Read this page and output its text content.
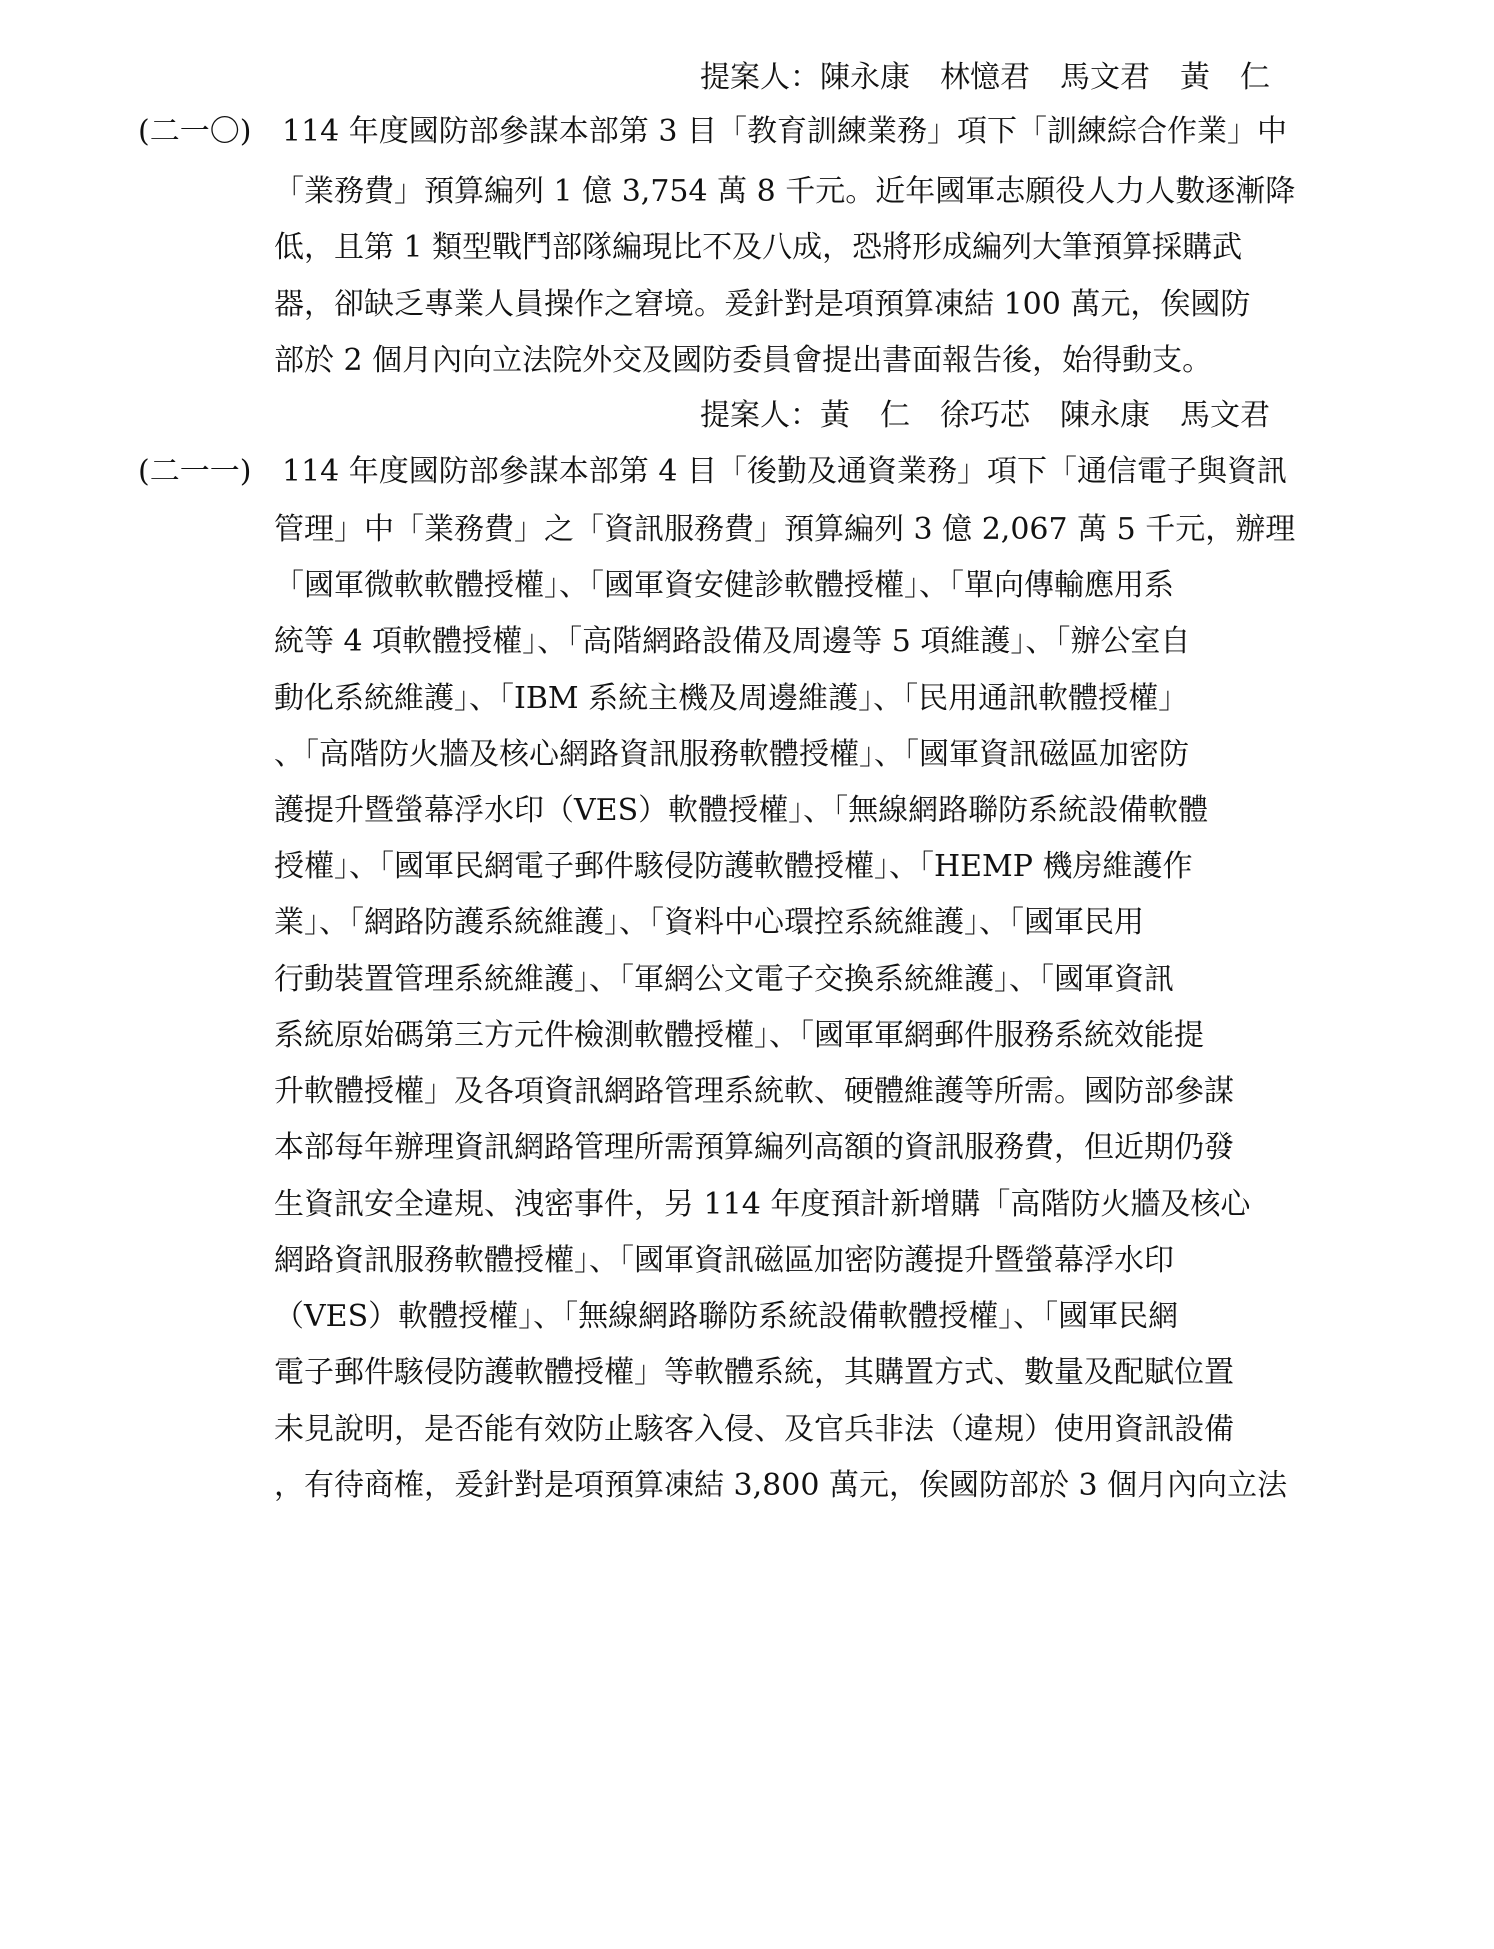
提案人：陳永康　林憶君　馬文君　黃　仁
(二一〇) 114 年度國防部參謀本部第 3 目「教育訓練業務」項下「訓練綜合作業」中
「業務費」預算編列 1 億 3,754 萬 8 千元。近年國軍志願役人力人數逐漸降
低，且第 1 類型戰鬥部隊編現比不及八成，恐將形成編列大筆預算採購武
器，卻缺乏專業人員操作之窘境。爰針對是項預算凍結 100 萬元，俟國防
部於 2 個月內向立法院外交及國防委員會提出書面報告後，始得動支。
提案人：黃　仁　徐巧芯　陳永康　馬文君
(二一一) 114 年度國防部參謀本部第 4 目「後勤及通資業務」項下「通信電子與資訊
管理」中「業務費」之「資訊服務費」預算編列 3 億 2,067 萬 5 千元，辦理
「國軍微軟軟體授權」、「國軍資安健診軟體授權」、「單向傳輸應用系
統等 4 項軟體授權」、「高階網路設備及周邊等 5 項維護」、「辦公室自
動化系統維護」、「IBM 系統主機及周邊維護」、「民用通訊軟體授權」
、「高階防火牆及核心網路資訊服務軟體授權」、「國軍資訊磁區加密防
護提升暨螢幕浮水印（VES）軟體授權」、「無線網路聯防系統設備軟體
授權」、「國軍民網電子郵件駭侵防護軟體授權」、「HEMP 機房維護作
業」、「網路防護系統維護」、「資料中心環控系統維護」、「國軍民用
行動裝置管理系統維護」、「軍網公文電子交換系統維護」、「國軍資訊
系統原始碼第三方元件檢測軟體授權」、「國軍軍網郵件服務系統效能提
升軟體授權」及各項資訊網路管理系統軟、硬體維護等所需。國防部參謀
本部每年辦理資訊網路管理所需預算編列高額的資訊服務費，但近期仍發
生資訊安全違規、洩密事件，另 114 年度預計新增購「高階防火牆及核心
網路資訊服務軟體授權」、「國軍資訊磁區加密防護提升暨螢幕浮水印
（VES）軟體授權」、「無線網路聯防系統設備軟體授權」、「國軍民網
電子郵件駭侵防護軟體授權」等軟體系統，其購置方式、數量及配賦位置
未見說明，是否能有效防止駭客入侵、及官兵非法（違規）使用資訊設備
，有待商榷，爰針對是項預算凍結 3,800 萬元，俟國防部於 3 個月內向立法
